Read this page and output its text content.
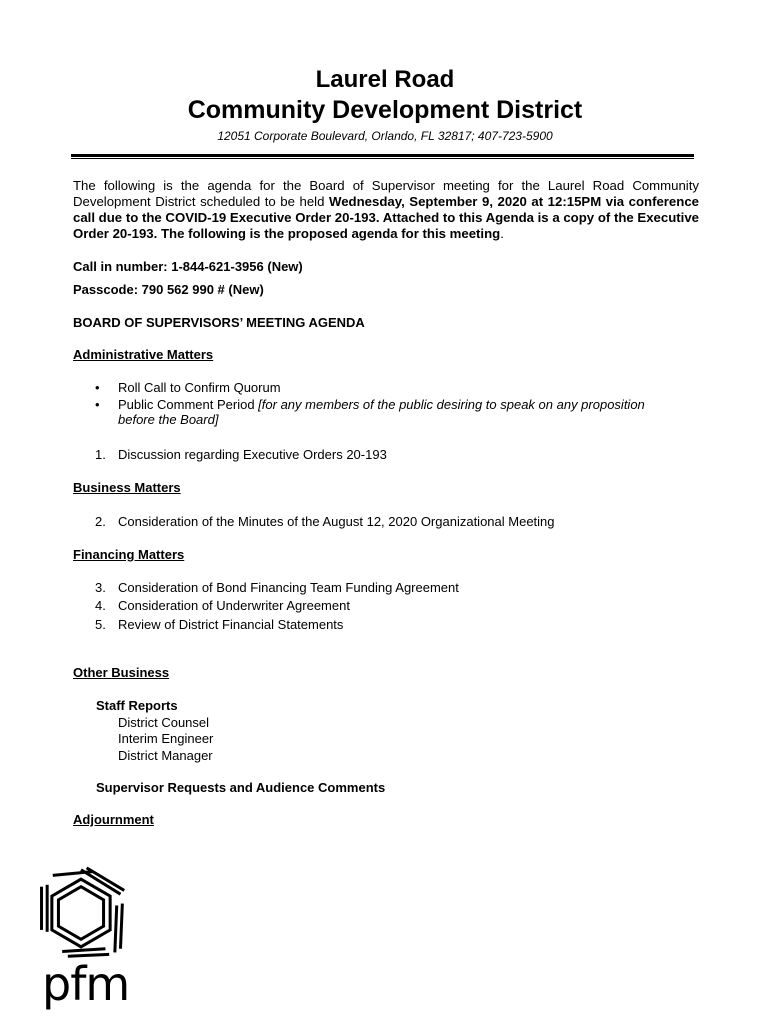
Laurel Road
Community Development District
12051 Corporate Boulevard, Orlando, FL 32817; 407-723-5900
The following is the agenda for the Board of Supervisor meeting for the Laurel Road Community Development District scheduled to be held Wednesday, September 9, 2020 at 12:15PM via conference call due to the COVID-19 Executive Order 20-193. Attached to this Agenda is a copy of the Executive Order 20-193. The following is the proposed agenda for this meeting.
Call in number: 1-844-621-3956 (New)
Passcode: 790 562 990 # (New)
BOARD OF SUPERVISORS’ MEETING AGENDA
Administrative Matters
• Roll Call to Confirm Quorum
• Public Comment Period [for any members of the public desiring to speak on any proposition
before the Board]
1. Discussion regarding Executive Orders 20-193
Business Matters
2. Consideration of the Minutes of the August 12, 2020 Organizational Meeting
Financing Matters
3. Consideration of Bond Financing Team Funding Agreement
4. Consideration of Underwriter Agreement
5. Review of District Financial Statements
Other Business
Staff Reports
District Counsel
Interim Engineer
District Manager
Supervisor Requests and Audience Comments
Adjournment
pfm
